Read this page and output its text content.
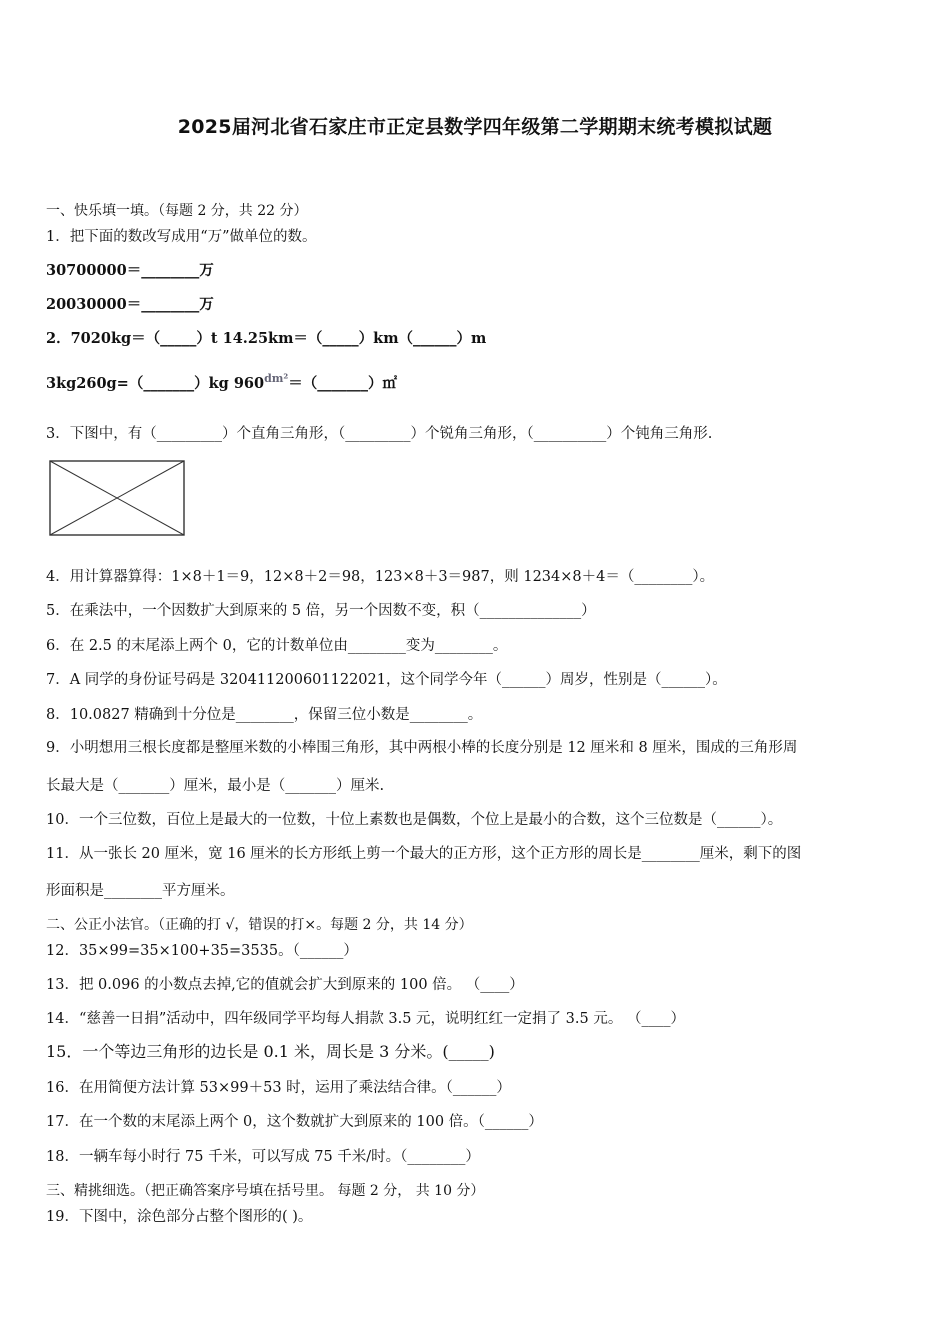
2025届河北省石家庄市正定县数学四年级第二学期期末统考模拟试题
一、快乐填一填。（每题 2 分，共 22 分）
1．把下面的数改写成用“万”做单位的数。
30700000＝________万
20030000＝________万
2．7020kg＝（_____）t 14.25km＝（_____）km（______）m
3kg260g=（_______）kg $960^{dm^2}=(\_\_\_\_\_\_\_)㎡$
3．下图中，有（_________）个直角三角形，（_________）个锐角三角形，（__________）个钝角三角形.
4．用计算器算得：1×8＋1＝9，12×8＋2＝98，123×8＋3＝987，则 1234×8＋4＝（________）。
5．在乘法中，一个因数扩大到原来的 5 倍，另一个因数不变，积（______________）
6．在 2.5 的末尾添上两个 0，它的计数单位由________变为________。
7．A 同学的身份证号码是 320411200601122021，这个同学今年（______）周岁，性别是（______）。
8．10.0827 精确到十分位是________，保留三位小数是________。
9．小明想用三根长度都是整厘米数的小棒围三角形，其中两根小棒的长度分别是 12 厘米和 8 厘米，围成的三角形周
长最大是（_______）厘米，最小是（_______）厘米.
10．一个三位数，百位上是最大的一位数，十位上素数也是偶数，个位上是最小的合数，这个三位数是（______）。
11．从一张长 20 厘米，宽 16 厘米的长方形纸上剪一个最大的正方形，这个正方形的周长是________厘米，剩下的图
形面积是________平方厘米。
二、公正小法官。（正确的打 √，错误的打×。每题 2 分，共 14 分）
12．35×99=35×100+35=3535。（______）
13．把 0.096 的小数点去掉,它的值就会扩大到原来的 100 倍。 （____）
14．“慈善一日捐”活动中，四年级同学平均每人捐款 3.5 元，说明红红一定捐了 3.5 元。 （____）
15．一个等边三角形的边长是 0.1 米，周长是 3 分米。(_____)
16．在用简便方法计算 53×99＋53 时，运用了乘法结合律。（______）
17．在一个数的末尾添上两个 0，这个数就扩大到原来的 100 倍。（______）
18．一辆车每小时行 75 千米，可以写成 75 千米/时。（________）
三、精挑细选。（把正确答案序号填在括号里。 每题 2 分， 共 10 分）
19．下图中，涂色部分占整个图形的( )。
